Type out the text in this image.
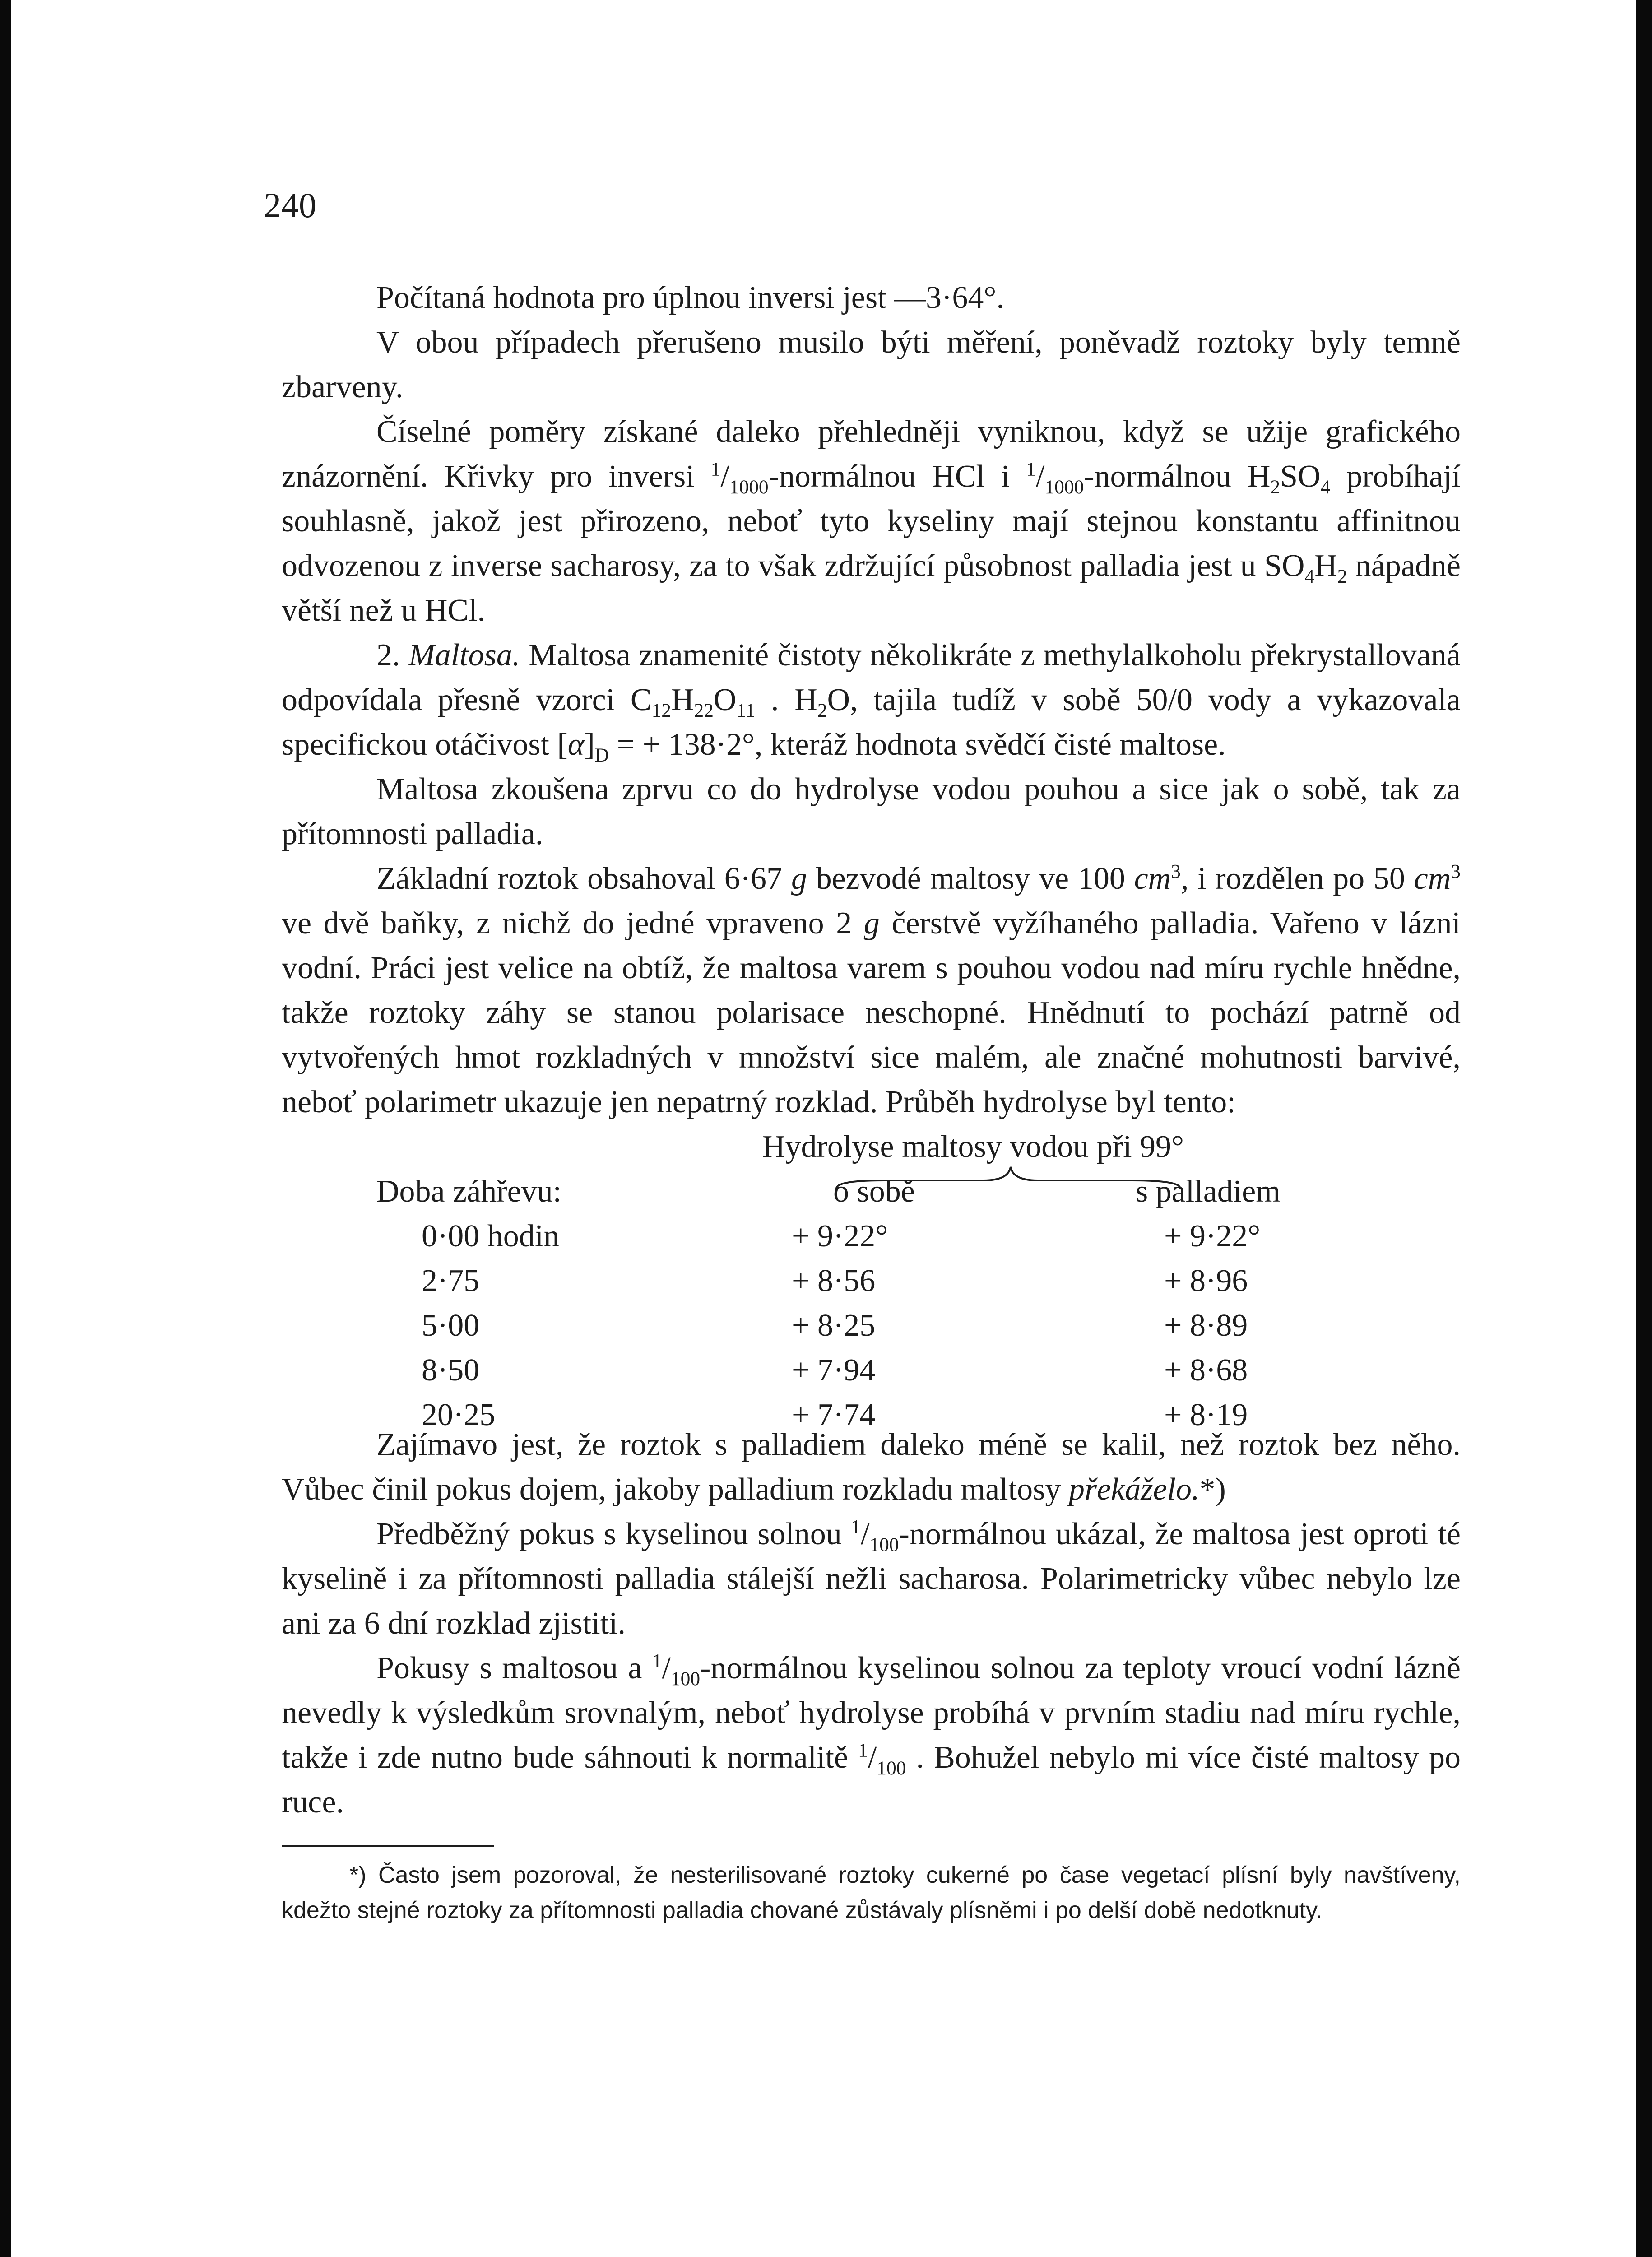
240

Počítaná hodnota pro úplnou inversi jest —3·64°.

V obou případech přerušeno musilo býti měření, poněvadž roztoky byly temně zbarveny.

Číselné poměry získané daleko přehledněji vyniknou, když se užije grafického znázornění. Křivky pro inversi $^1/_{1000}$-normálnou HCl i $^1/_{1000}$-normálnou $H_2SO_4$ probíhají souhlasně, jakož jest přirozeno, neboť tyto kyseliny mají stejnou konstantu affinitnou odvozenou z inverse sacharosy, za to však zdržující působnost palladia jest u $SO_4H_2$ nápadně větší než u HCl.

2. Maltosa. Maltosa znamenité čistoty několikráte z methylalkoholu překrystallovaná odpovídala přesně vzorci $C_{12}H_{22}O_{11}$ . $H_2O$, tajila tudíž v sobě 50/0 vody a vykazovala specifickou otáčivost $[\alpha]_D$ = + 138·2°, kteráž hodnota svědčí čisté maltose.

Maltosa zkoušena zprvu co do hydrolyse vodou pouhou a sice jak o sobě, tak za přítomnosti palladia.

Základní roztok obsahoval 6·67 g bezvodé maltosy ve 100 $cm^3$, i rozdělen po 50 $cm^3$ ve dvě baňky, z nichž do jedné vpraveno 2 g čerstvě vyžíhaného palladia. Vařeno v lázni vodní. Práci jest velice na obtíž, že maltosa varem s pouhou vodou nad míru rychle hnědne, takže roztoky záhy se stanou polarisace neschopné. Hnědnutí to pochází patrně od vytvořených hmot rozkladných v množství sice malém, ale značné mohutnosti barvivé, neboť polarimetr ukazuje jen nepatrný rozklad. Průběh hydrolyse byl tento:

Hydrolyse maltosy vodou při 99°
Doba záhřevu:	o sobě	s palladiem
0·00 hodin
2·75
5·00
8·50
20·25
+ 9·22°
+ 8·56
+ 8·25
+ 7·94
+ 7·74
+ 9·22°
+ 8·96
+ 8·89
+ 8·68
+ 8·19

Zajímavo jest, že roztok s palladiem daleko méně se kalil, než roztok bez něho. Vůbec činil pokus dojem, jakoby palladium rozkladu maltosy překáželo.*)

Předběžný pokus s kyselinou solnou $^1/_{100}$-normálnou ukázal, že maltosa jest oproti té kyselině i za přítomnosti palladia stálejší nežli sacharosa. Polarimetricky vůbec nebylo lze ani za 6 dní rozklad zjistiti.

Pokusy s maltosou a $^1/_{100}$-normálnou kyselinou solnou za teploty vroucí vodní lázně nevedly k výsledkům srovnalým, neboť hydrolyse probíhá v prvním stadiu nad míru rychle, takže i zde nutno bude sáhnouti k normalitě $^1/_{100}$ . Bohužel nebylo mi více čisté maltosy po ruce.

*) Často jsem pozoroval, že nesterilisované roztoky cukerné po čase vegetací plísní byly navštíveny, kdežto stejné roztoky za přítomnosti palladia chované zůstávaly plísněmi i po delší době nedotknuty.
